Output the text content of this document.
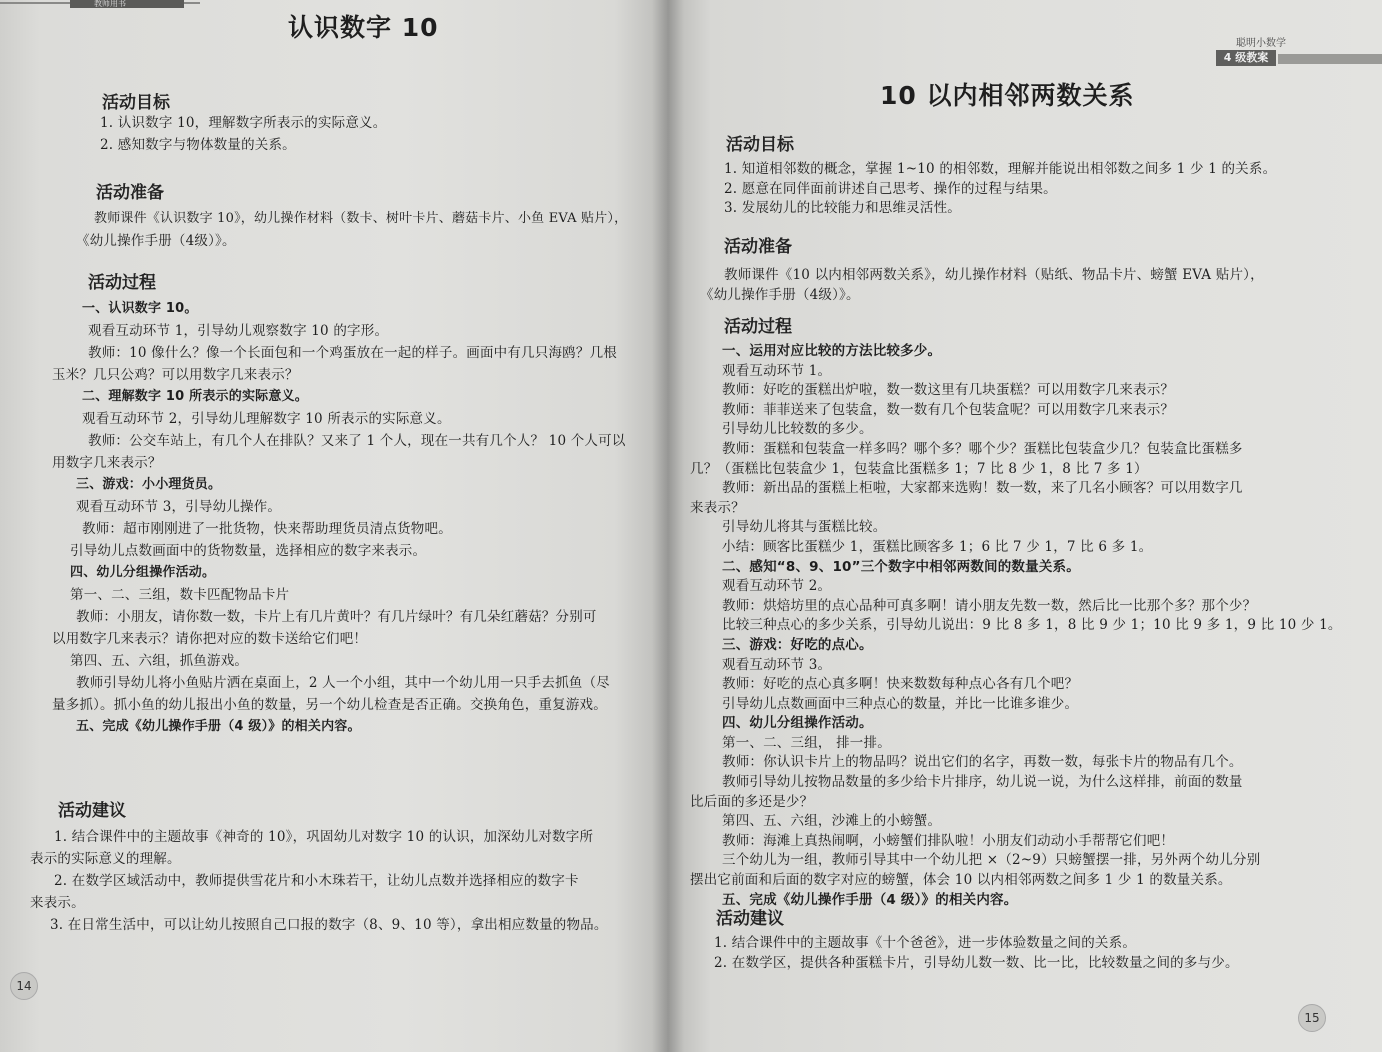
教师用书
认识数字 10
活动目标
1. 认识数字 10，理解数字所表示的实际意义。
2. 感知数字与物体数量的关系。
活动准备
教师课件《认识数字 10》，幼儿操作材料（数卡、树叶卡片、蘑菇卡片、小鱼 EVA 贴片），
《幼儿操作手册（4级）》。
活动过程
一、认识数字 10。
观看互动环节 1，引导幼儿观察数字 10 的字形。
教师：10 像什么？像一个长面包和一个鸡蛋放在一起的样子。画面中有几只海鸥？几根
玉米？几只公鸡？可以用数字几来表示？
二、理解数字 10 所表示的实际意义。
观看互动环节 2，引导幼儿理解数字 10 所表示的实际意义。
教师：公交车站上，有几个人在排队？又来了 1 个人，现在一共有几个人？ 10 个人可以
用数字几来表示？
三、游戏：小小理货员。
观看互动环节 3，引导幼儿操作。
教师：超市刚刚进了一批货物，快来帮助理货员清点货物吧。
引导幼儿点数画面中的货物数量，选择相应的数字来表示。
四、幼儿分组操作活动。
第一、二、三组，数卡匹配物品卡片
教师：小朋友，请你数一数，卡片上有几片黄叶？有几片绿叶？有几朵红蘑菇？分别可
以用数字几来表示？请你把对应的数卡送给它们吧！
第四、五、六组，抓鱼游戏。
教师引导幼儿将小鱼贴片洒在桌面上，2 人一个小组，其中一个幼儿用一只手去抓鱼（尽
量多抓）。抓小鱼的幼儿报出小鱼的数量，另一个幼儿检查是否正确。交换角色，重复游戏。
五、完成《幼儿操作手册（4 级）》的相关内容。
活动建议
1. 结合课件中的主题故事《神奇的 10》，巩固幼儿对数字 10 的认识，加深幼儿对数字所
表示的实际意义的理解。
2. 在数学区域活动中，教师提供雪花片和小木珠若干，让幼儿点数并选择相应的数字卡
来表示。
3. 在日常生活中，可以让幼儿按照自己口报的数字（8、9、10 等），拿出相应数量的物品。
14
聪明小数学
4 级教案
10 以内相邻两数关系
活动目标
1. 知道相邻数的概念，掌握 1~10 的相邻数，理解并能说出相邻数之间多 1 少 1 的关系。
2. 愿意在同伴面前讲述自己思考、操作的过程与结果。
3. 发展幼儿的比较能力和思维灵活性。
活动准备
教师课件《10 以内相邻两数关系》，幼儿操作材料（贴纸、物品卡片、螃蟹 EVA 贴片），
《幼儿操作手册（4级）》。
活动过程
一、运用对应比较的方法比较多少。
观看互动环节 1。
教师：好吃的蛋糕出炉啦，数一数这里有几块蛋糕？可以用数字几来表示？
教师：菲菲送来了包装盒，数一数有几个包装盒呢？可以用数字几来表示？
引导幼儿比较数的多少。
教师：蛋糕和包装盒一样多吗？哪个多？哪个少？蛋糕比包装盒少几？包装盒比蛋糕多
几？（蛋糕比包装盒少 1，包装盒比蛋糕多 1；7 比 8 少 1，8 比 7 多 1）
教师：新出品的蛋糕上柜啦，大家都来选购！数一数，来了几名小顾客？可以用数字几
来表示？
引导幼儿将其与蛋糕比较。
小结：顾客比蛋糕少 1，蛋糕比顾客多 1；6 比 7 少 1，7 比 6 多 1。
二、感知“8、9、10”三个数字中相邻两数间的数量关系。
观看互动环节 2。
教师：烘焙坊里的点心品种可真多啊！请小朋友先数一数，然后比一比那个多？那个少？
比较三种点心的多少关系，引导幼儿说出：9 比 8 多 1，8 比 9 少 1；10 比 9 多 1，9 比 10 少 1。
三、游戏：好吃的点心。
观看互动环节 3。
教师：好吃的点心真多啊！快来数数每种点心各有几个吧？
引导幼儿点数画面中三种点心的数量，并比一比谁多谁少。
四、幼儿分组操作活动。
第一、二、三组， 排一排。
教师：你认识卡片上的物品吗？说出它们的名字，再数一数，每张卡片的物品有几个。
教师引导幼儿按物品数量的多少给卡片排序，幼儿说一说，为什么这样排，前面的数量
比后面的多还是少？
第四、五、六组，沙滩上的小螃蟹。
教师：海滩上真热闹啊，小螃蟹们排队啦！小朋友们动动小手帮帮它们吧！
三个幼儿为一组，教师引导其中一个幼儿把 ×（2~9）只螃蟹摆一排，另外两个幼儿分别
摆出它前面和后面的数字对应的螃蟹，体会 10 以内相邻两数之间多 1 少 1 的数量关系。
五、完成《幼儿操作手册（4 级）》的相关内容。
活动建议
1. 结合课件中的主题故事《十个爸爸》，进一步体验数量之间的关系。
2. 在数学区，提供各种蛋糕卡片，引导幼儿数一数、比一比，比较数量之间的多与少。
15
